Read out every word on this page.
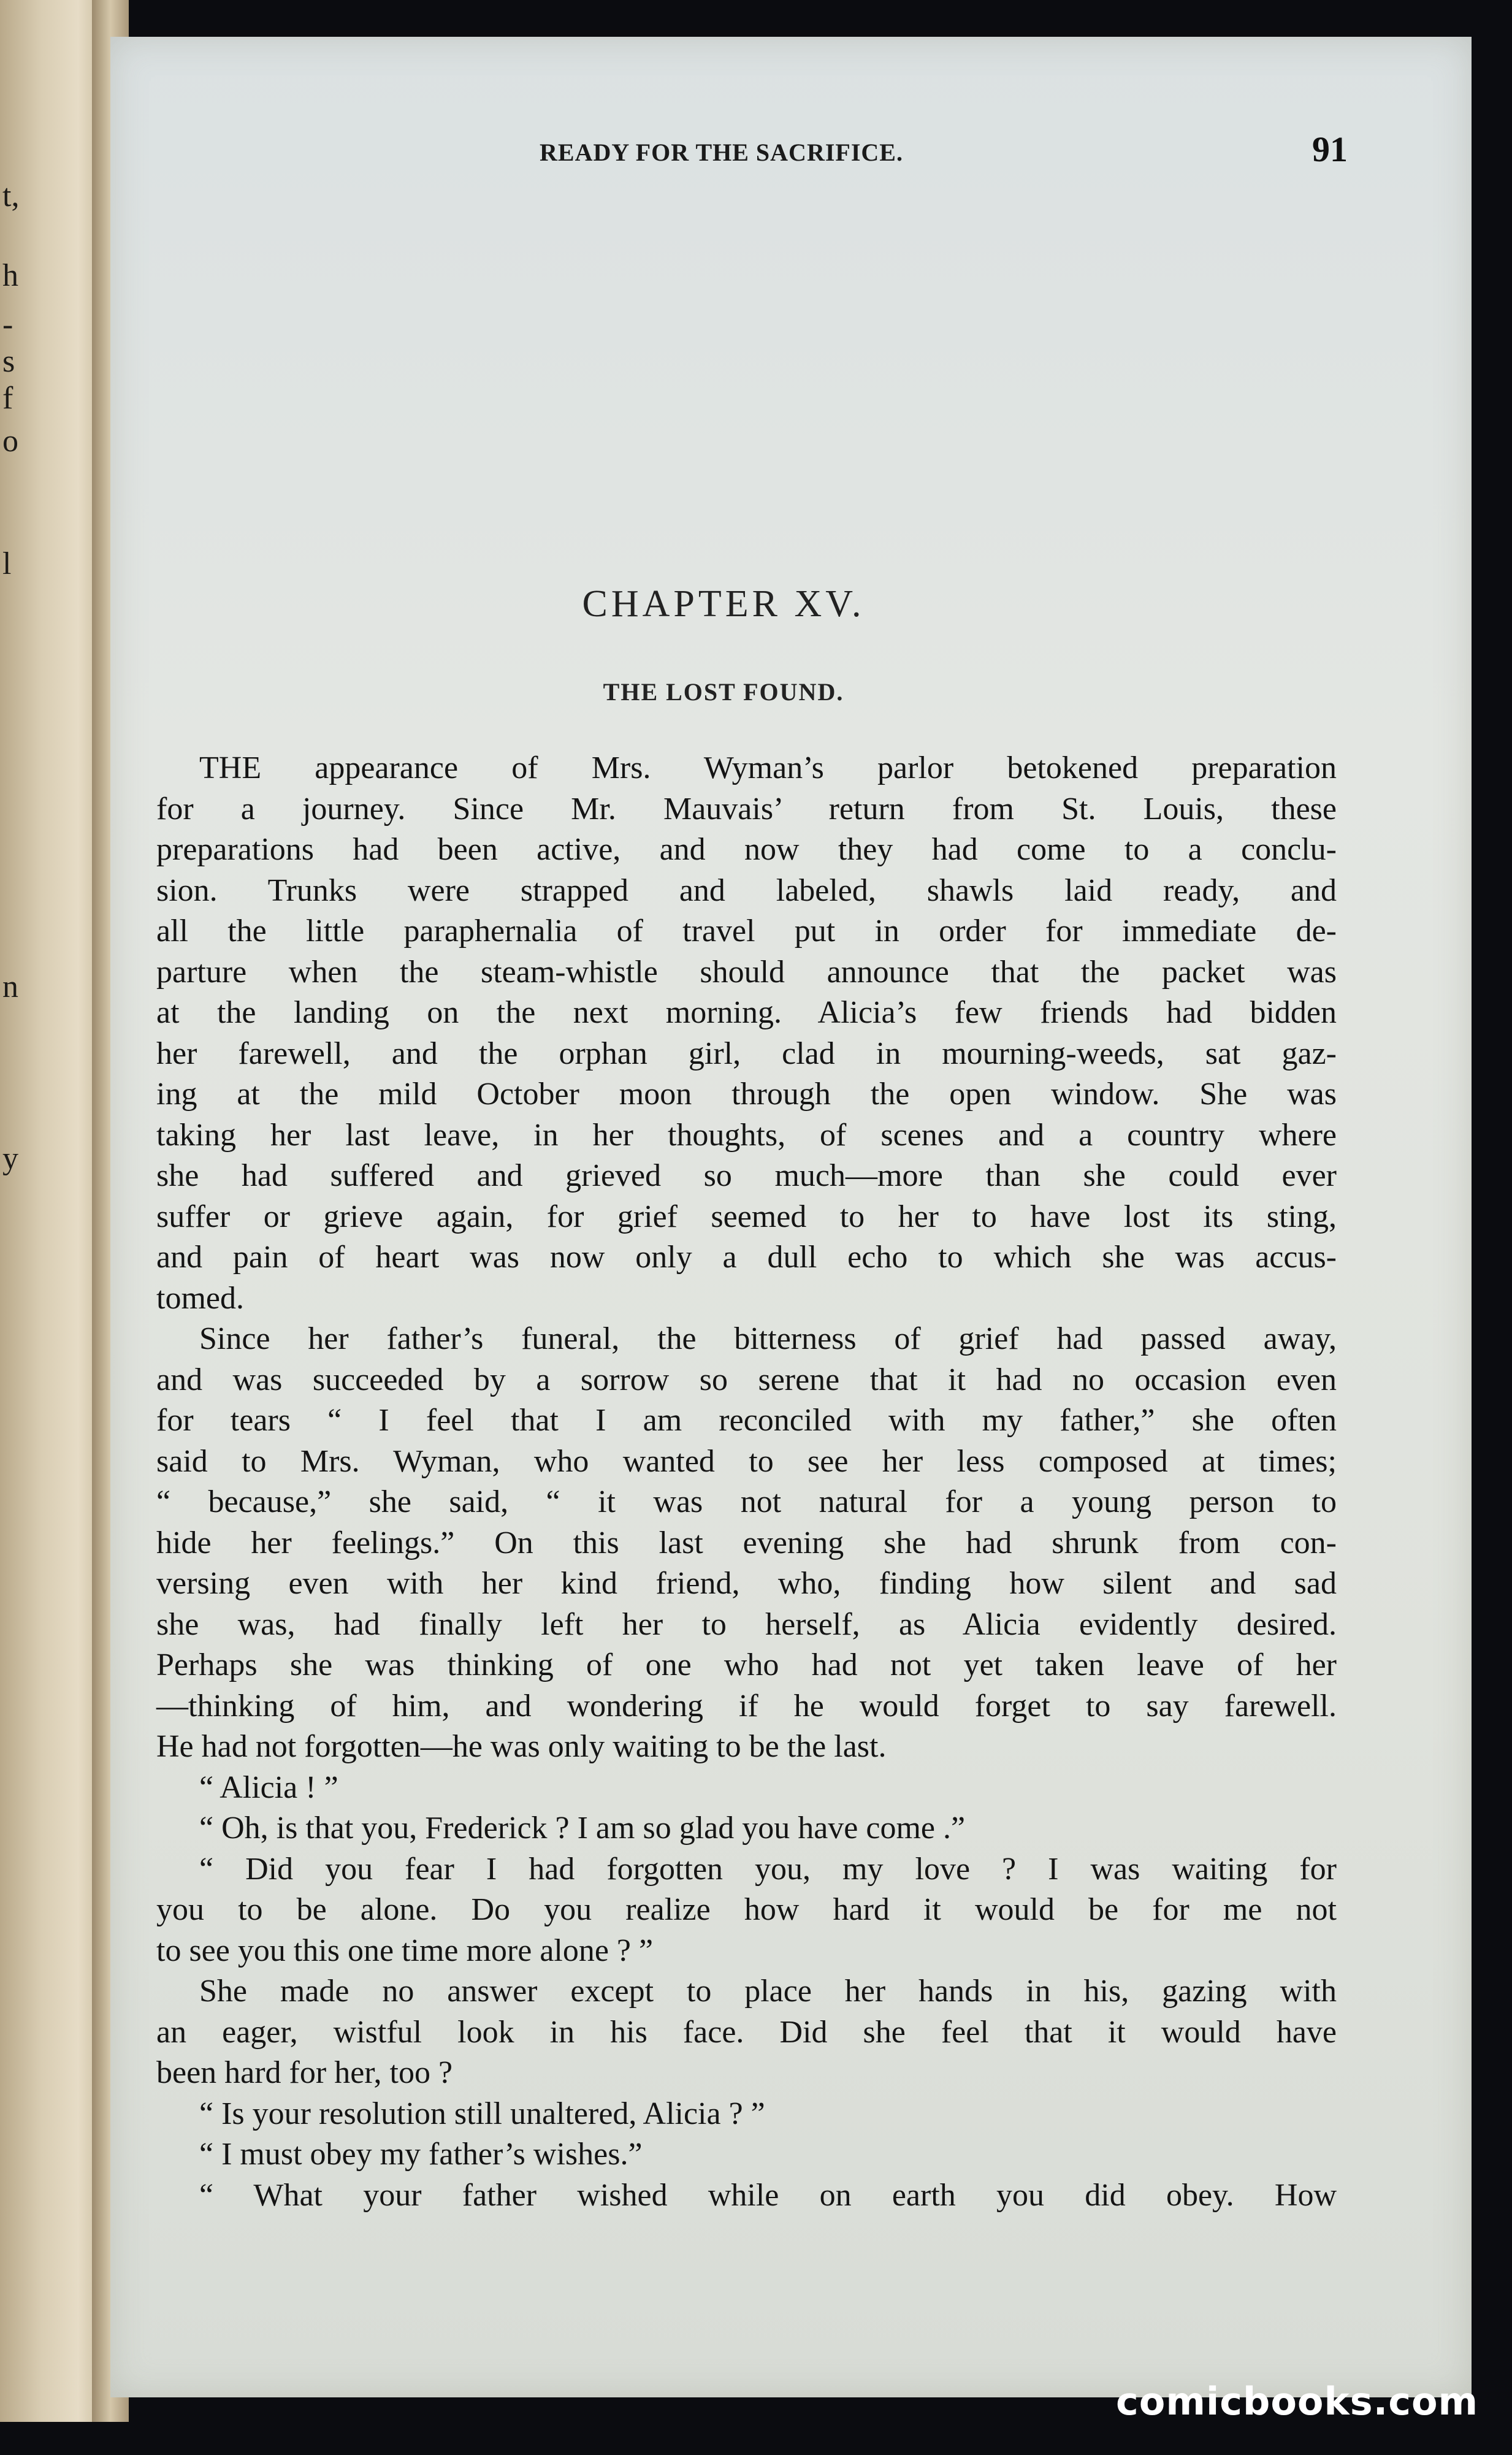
t,
h
-
s
f
o
l
n
y
READY FOR THE SACRIFICE.	91
CHAPTER XV.
THE LOST FOUND.
THE appearance of Mrs. Wyman’s parlor betokened preparation
for a journey. Since Mr. Mauvais’ return from St. Louis, these
preparations had been active, and now they had come to a conclu-
sion. Trunks were strapped and labeled, shawls laid ready, and
all the little paraphernalia of travel put in order for immediate de-
parture when the steam-whistle should announce that the packet was
at the landing on the next morning. Alicia’s few friends had bidden
her farewell, and the orphan girl, clad in mourning-weeds, sat gaz-
ing at the mild October moon through the open window. She was
taking her last leave, in her thoughts, of scenes and a country where
she had suffered and grieved so much—more than she could ever
suffer or grieve again, for grief seemed to her to have lost its sting,
and pain of heart was now only a dull echo to which she was accus-
tomed.
Since her father’s funeral, the bitterness of grief had passed away,
and was succeeded by a sorrow so serene that it had no occasion even
for tears “ I feel that I am reconciled with my father,” she often
said to Mrs. Wyman, who wanted to see her less composed at times;
“ because,” she said, “ it was not natural for a young person to
hide her feelings.” On this last evening she had shrunk from con-
versing even with her kind friend, who, finding how silent and sad
she was, had finally left her to herself, as Alicia evidently desired.
Perhaps she was thinking of one who had not yet taken leave of her
—thinking of him, and wondering if he would forget to say farewell.
He had not forgotten—he was only waiting to be the last.
“ Alicia ! ”
“ Oh, is that you, Frederick ? I am so glad you have come .”
“ Did you fear I had forgotten you, my love ? I was waiting for
you to be alone. Do you realize how hard it would be for me not
to see you this one time more alone ? ”
She made no answer except to place her hands in his, gazing with
an eager, wistful look in his face. Did she feel that it would have
been hard for her, too ?
“ Is your resolution still unaltered, Alicia ? ”
“ I must obey my father’s wishes.”
“ What your father wished while on earth you did obey. How
comicbooks.com
